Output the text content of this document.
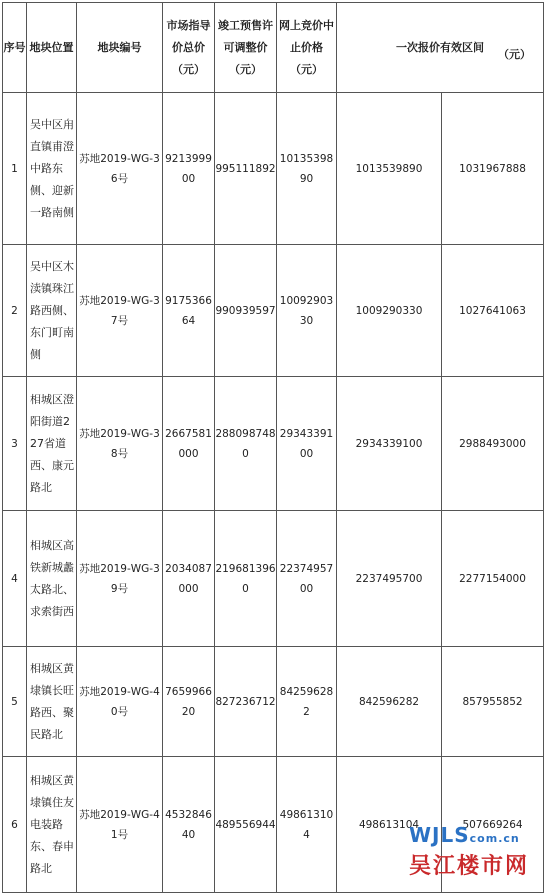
序号	地块位置	地块编号	市场指导价总价（元）	竣工预售许可调整价（元）	网上竞价中止价格（元）	一次报价有效区间
（元）	

1	吴中区甪直镇甫澄中路东侧、迎新一路南侧	苏地2019-WG-36号	921399900	995111892	1013539890	1013539890	1031967888
2	吴中区木渎镇珠江路西侧、东门町南侧	苏地2019-WG-37号	917536664	990939597	1009290330	1009290330	1027641063
3	相城区澄阳街道227省道西、康元路北	苏地2019-WG-38号	2667581000	2880987480	2934339100	2934339100	2988493000
4	相城区高铁新城蠡太路北、求索街西	苏地2019-WG-39号	2034087000	2196813960	2237495700	2237495700	2277154000
5	相城区黄埭镇长旺路西、聚民路北	苏地2019-WG-40号	765996620	827236712	842596282	842596282	857955852
6	相城区黄埭镇住友电装路东、春申路北	苏地2019-WG-41号	453284640	489556944	498613104	498613104	507669264
WJLScom.cn
吴江楼市网
